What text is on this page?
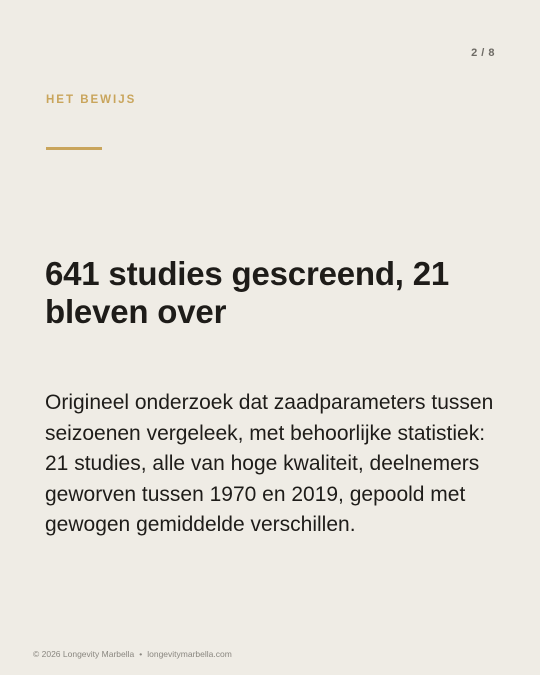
2 / 8
HET BEWIJS
641 studies gescreend, 21 bleven over

Origineel onderzoek dat zaadparameters tussen seizoenen vergeleek, met behoorlijke statistiek: 21 studies, alle van hoge kwaliteit, deelnemers geworven tussen 1970 en 2019, gepoold met gewogen gemiddelde verschillen.

© 2026 Longevity Marbella • longevitymarbella.com
